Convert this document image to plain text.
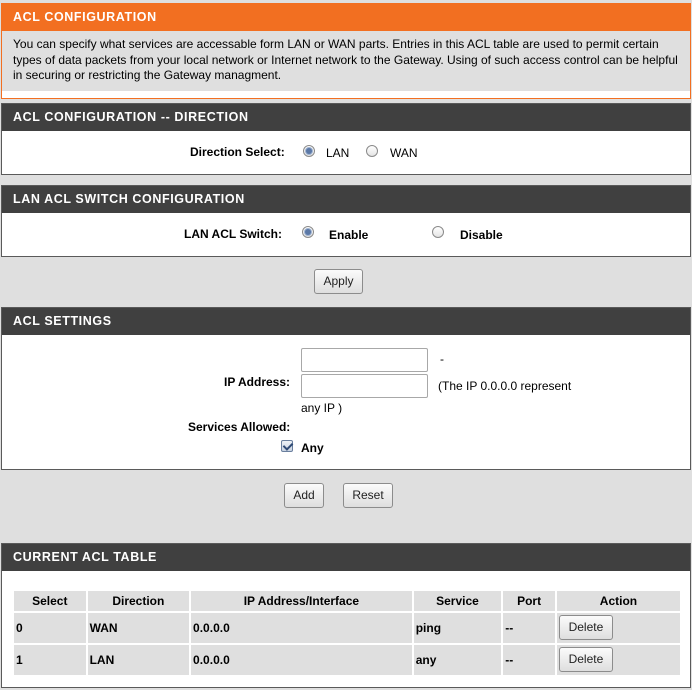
ACL CONFIGURATION
You can specify what services are accessable form LAN or WAN parts. Entries in this ACL table are used to permit certain types of data packets from your local network or Internet network to the Gateway. Using of such access control can be helpful in securing or restricting the Gateway managment.
ACL CONFIGURATION -- DIRECTION
Direction Select:	LAN	WAN
LAN ACL SWITCH CONFIGURATION
LAN ACL Switch:	Enable	Disable
Apply
ACL SETTINGS
-
IP Address:	(The IP 0.0.0.0 represent
any IP )
Services Allowed:
Any
Add	Reset
CURRENT ACL TABLE
Select	Direction	IP Address/Interface	Service	Port	Action
0	WAN	0.0.0.0	ping	--	Delete

1	LAN	0.0.0.0	any	--	Delete
